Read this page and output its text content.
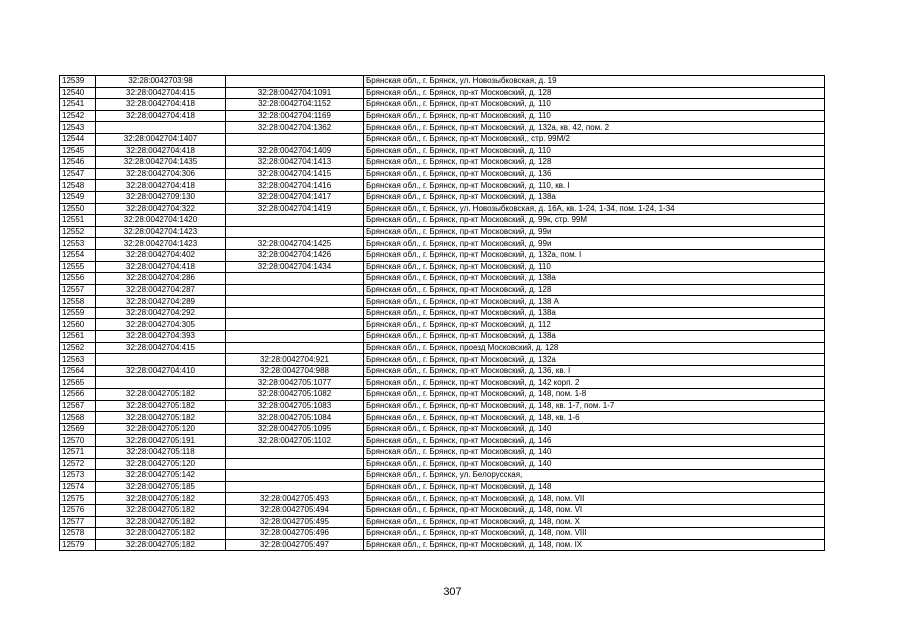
12539	32:28:0042703:98		Брянская обл., г. Брянск, ул. Новозыбковская, д. 19
12540	32:28:0042704:415	32:28:0042704:1091	Брянская обл., г. Брянск, пр-кт Московский, д. 128
12541	32:28:0042704:418	32:28:0042704:1152	Брянская обл., г. Брянск, пр-кт Московский, д. 110
12542	32:28:0042704:418	32:28:0042704:1169	Брянская обл., г. Брянск, пр-кт Московский, д. 110
12543		32:28:0042704:1362	Брянская обл., г. Брянск, пр-кт Московский, д. 132а, кв. 42, пом. 2
12544	32:28:0042704:1407		Брянская обл., г. Брянск, пр-кт Московский,, стр. 99М/2
12545	32:28:0042704:418	32:28:0042704:1409	Брянская обл., г. Брянск, пр-кт Московский, д. 110
12546	32:28:0042704:1435	32:28:0042704:1413	Брянская обл., г. Брянск, пр-кт Московский, д. 128
12547	32:28:0042704:306	32:28:0042704:1415	Брянская обл., г. Брянск, пр-кт Московский, д. 136
12548	32:28:0042704:418	32:28:0042704:1416	Брянская обл., г. Брянск, пр-кт Московский, д. 110, кв. I
12549	32:28:0042709:130	32:28:0042704:1417	Брянская обл., г. Брянск, пр-кт Московский, д. 138а
12550	32:28:0042704:322	32:28:0042704:1419	Брянская обл., г. Брянск, ул. Новозыбковская, д. 16А, кв. 1-24, 1-34, пом. 1-24, 1-34
12551	32:28:0042704:1420		Брянская обл., г. Брянск, пр-кт Московский, д. 99к, стр. 99М
12552	32:28:0042704:1423		Брянская обл., г. Брянск, пр-кт Московский, д. 99и
12553	32:28:0042704:1423	32:28:0042704:1425	Брянская обл., г. Брянск, пр-кт Московский, д. 99и
12554	32:28:0042704:402	32:28:0042704:1426	Брянская обл., г. Брянск, пр-кт Московский, д. 132а, пом. I
12555	32:28:0042704:418	32:28:0042704:1434	Брянская обл., г. Брянск, пр-кт Московский, д. 110
12556	32:28:0042704:286		Брянская обл., г. Брянск, пр-кт Московский, д. 138а
12557	32:28:0042704:287		Брянская обл., г. Брянск, пр-кт Московский, д. 128
12558	32:28:0042704:289		Брянская обл., г. Брянск, пр-кт Московский, д. 138 А
12559	32:28:0042704:292		Брянская обл., г. Брянск, пр-кт Московский, д. 138а
12560	32:28:0042704:305		Брянская обл., г. Брянск, пр-кт Московский, д. 112
12561	32:28:0042704:393		Брянская обл., г. Брянск, пр-кт Московский, д. 138а
12562	32:28:0042704:415		Брянская обл., г. Брянск, проезд Московский, д. 128
12563		32:28:0042704:921	Брянская обл., г. Брянск, пр-кт Московский, д. 132а
12564	32:28:0042704:410	32:28:0042704:988	Брянская обл., г. Брянск, пр-кт Московский, д. 136, кв. I
12565		32:28:0042705:1077	Брянская обл., г. Брянск, пр-кт Московский, д. 142 корп. 2
12566	32:28:0042705:182	32:28:0042705:1082	Брянская обл., г. Брянск, пр-кт Московский, д. 148, пом. 1-8
12567	32:28:0042705:182	32:28:0042705:1083	Брянская обл., г. Брянск, пр-кт Московский, д. 148, кв. 1-7, пом. 1-7
12568	32:28:0042705:182	32:28:0042705:1084	Брянская обл., г. Брянск, пр-кт Московский, д. 148, кв. 1-6
12569	32:28:0042705:120	32:28:0042705:1095	Брянская обл., г. Брянск, пр-кт Московский, д. 140
12570	32:28:0042705:191	32:28:0042705:1102	Брянская обл., г. Брянск, пр-кт Московский, д. 146
12571	32:28:0042705:118		Брянская обл., г. Брянск, пр-кт Московский, д. 140
12572	32:28:0042705:120		Брянская обл., г. Брянск, пр-кт Московский, д. 140
12573	32:28:0042705:142		Брянская обл., г. Брянск, ул. Белорусская,
12574	32:28:0042705:185		Брянская обл., г. Брянск, пр-кт Московский, д. 148
12575	32:28:0042705:182	32:28:0042705:493	Брянская обл., г. Брянск, пр-кт Московский, д. 148, пом. VII
12576	32:28:0042705:182	32:28:0042705:494	Брянская обл., г. Брянск, пр-кт Московский, д. 148, пом. VI
12577	32:28:0042705:182	32:28:0042705:495	Брянская обл., г. Брянск, пр-кт Московский, д. 148, пом. X
12578	32:28:0042705:182	32:28:0042705:496	Брянская обл., г. Брянск, пр-кт Московский, д. 148, пом. VIII
12579	32:28:0042705:182	32:28:0042705:497	Брянская обл., г. Брянск, пр-кт Московский, д. 148, пом. IX
307
